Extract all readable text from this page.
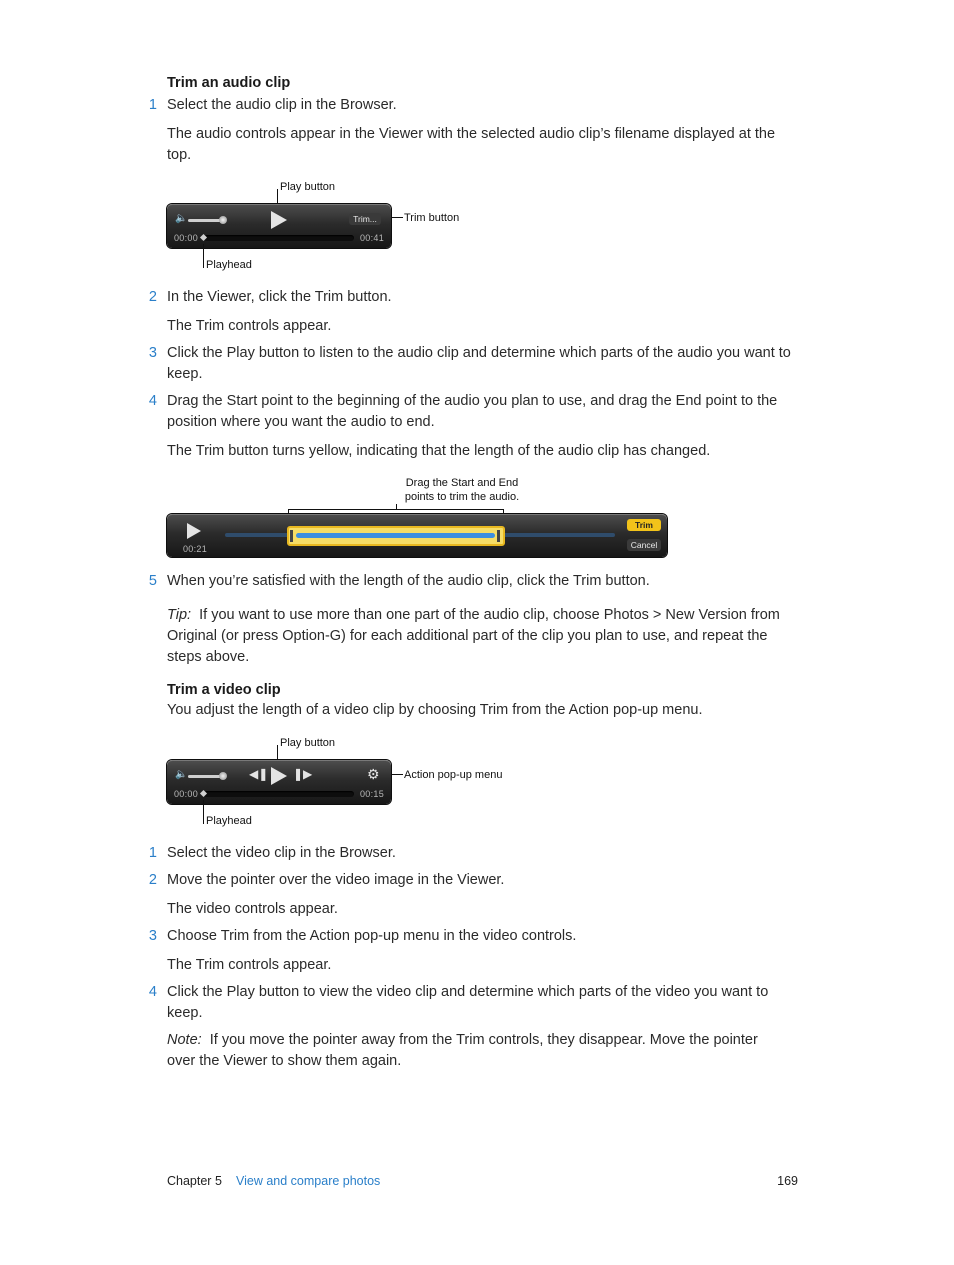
Trim an audio clip
1 Select the audio clip in the Browser.
The audio controls appear in the Viewer with the selected audio clip’s filename displayed at the top.
Play button
🔈	Trim...
00:00	00:41
Trim button
Playhead
2 In the Viewer, click the Trim button.
The Trim controls appear.
3 Click the Play button to listen to the audio clip and determine which parts of the audio you want to keep.
4 Drag the Start point to the beginning of the audio you plan to use, and drag the End point to the position where you want the audio to end.
The Trim button turns yellow, indicating that the length of the audio clip has changed.
Drag the Start and End points to trim the audio.
00:21
Trim
Cancel
5 When you’re satisfied with the length of the audio clip, click the Trim button.
Tip: If you want to use more than one part of the audio clip, choose Photos > New Version from Original (or press Option-G) for each additional part of the clip you plan to use, and repeat the steps above.
Trim a video clip
You adjust the length of a video clip by choosing Trim from the Action pop-up menu.
Play button
🔈	◀❚ ❚▶	⚙
00:00	00:15
Action pop-up menu
Playhead
1 Select the video clip in the Browser.
2 Move the pointer over the video image in the Viewer.
The video controls appear.
3 Choose Trim from the Action pop-up menu in the video controls.
The Trim controls appear.
4 Click the Play button to view the video clip and determine which parts of the video you want to keep.
Note: If you move the pointer away from the Trim controls, they disappear. Move the pointer over the Viewer to show them again.
Chapter 5 View and compare photos	169
